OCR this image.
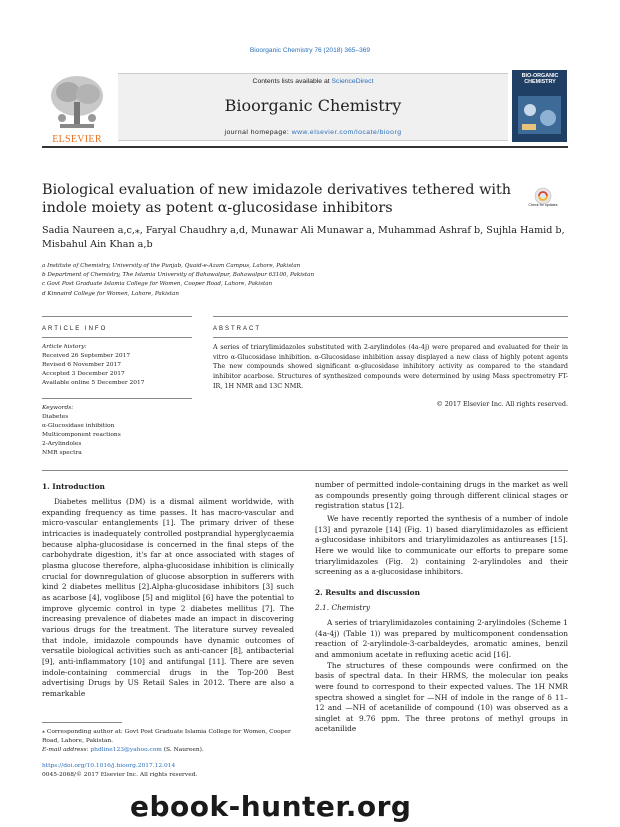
Bioorganic Chemistry 76 (2018) 365–369
ELSEVIER
Contents lists available at ScienceDirect
Bioorganic Chemistry
journal homepage: www.elsevier.com/locate/bioorg
BIO-ORGANIC CHEMISTRY
Biological evaluation of new imidazole derivatives tethered with indole moiety as potent α-glucosidase inhibitors	Check for updates
Sadia Naureen a,c,⁎, Faryal Chaudhry a,d, Munawar Ali Munawar a, Muhammad Ashraf b, Sujhla Hamid b, Misbahul Ain Khan a,b
a Institute of Chemistry, University of the Punjab, Quaid-e-Azam Campus, Lahore, Pakistan
b Department of Chemistry, The Islamia University of Bahawalpur, Bahawalpur 63100, Pakistan
c Govt Post Graduate Islamia College for Women, Cooper Road, Lahore, Pakistan
d Kinnaird College for Women, Lahore, Pakistan
ARTICLE INFO
Article history:
Received 26 September 2017
Revised 6 November 2017
Accepted 3 December 2017
Available online 5 December 2017
Keywords:
Diabetes
α-Glucosidase inhibition
Multicomponent reactions
2-Arylindoles
NMR spectra
ABSTRACT
A series of triarylimidazoles substituted with 2-arylindoles (4a-4j) were prepared and evaluated for their in vitro α-Glucosidase inhibition. α-Glucosidase inhibition assay displayed a new class of highly potent agents The new compounds showed significant α-glucosidase inhibitory activity as compared to the standard inhibitor acarbose. Structures of synthesized compounds were determined by using Mass spectrometry FT-IR, 1H NMR and 13C NMR.
© 2017 Elsevier Inc. All rights reserved.
1. Introduction
Diabetes mellitus (DM) is a dismal ailment worldwide, with expanding frequency as time passes. It has macro-vascular and micro-vascular entanglements [1]. The primary driver of these intricacies is inadequately controlled postprandial hyperglycaemia because alpha-glucosidase is concerned in the final steps of the carbohydrate digestion, it's far at once associated with stages of plasma glucose therefore, alpha-glucosidase inhibition is clinically crucial for downregulation of glucose absorption in sufferers with kind 2 diabetes mellitus [2].Alpha-glucosidase inhibitors [3] such as acarbose [4], voglibose [5] and miglitol [6] have the potential to improve glycemic control in type 2 diabetes mellitus [7]. The increasing prevalence of diabetes made an impact in discovering various drugs for the treatment. The literature survey revealed that indole, imidazole compounds have dynamic outcomes of versatile biological activities such as anti-cancer [8], antibacterial [9], anti-inflammatory [10] and antifungal [11]. There are seven indole-containing commercial drugs in the Top-200 Best advertising Drugs by US Retail Sales in 2012. There are also a remarkable
number of permitted indole-containing drugs in the market as well as compounds presently going through different clinical stages or registration status [12].
We have recently reported the synthesis of a number of indole [13] and pyrazole [14] (Fig. 1) based diarylimidazoles as efficient a-glucosidase inhibitors and triarylimidazoles as antiureases [15]. Here we would like to communicate our efforts to prepare some triarylimidazoles (Fig. 2) containing 2-arylindoles and their screening as a a-glucosidase inhibitors.
2. Results and discussion
2.1. Chemistry
A series of triarylimidazoles containing 2-arylindoles (Scheme 1 (4a-4j) (Table 1)) was prepared by multicomponent condensation reaction of 2-arylindole-3-carbaldeydes, aromatic amines, benzil and ammonium acetate in refluxing acetic acid [16].
The structures of these compounds were confirmed on the basis of spectral data. In their HRMS, the molecular ion peaks were found to correspond to their expected values. The 1H NMR spectra showed a singlet for —NH of indole in the range of δ 11–12 and —NH of acetanilide of compound (10) was observed as a singlet at 9.76 ppm. The three protons of methyl groups in acetanilide
⁎ Corresponding author at: Govt Post Graduate Islamia College for Women, Cooper Road, Lahore, Pakistan.
E-mail address: phdline123@yahoo.com (S. Naureen).
https://doi.org/10.1016/j.bioorg.2017.12.014
0045-2068/© 2017 Elsevier Inc. All rights reserved.
ebook-hunter.org
